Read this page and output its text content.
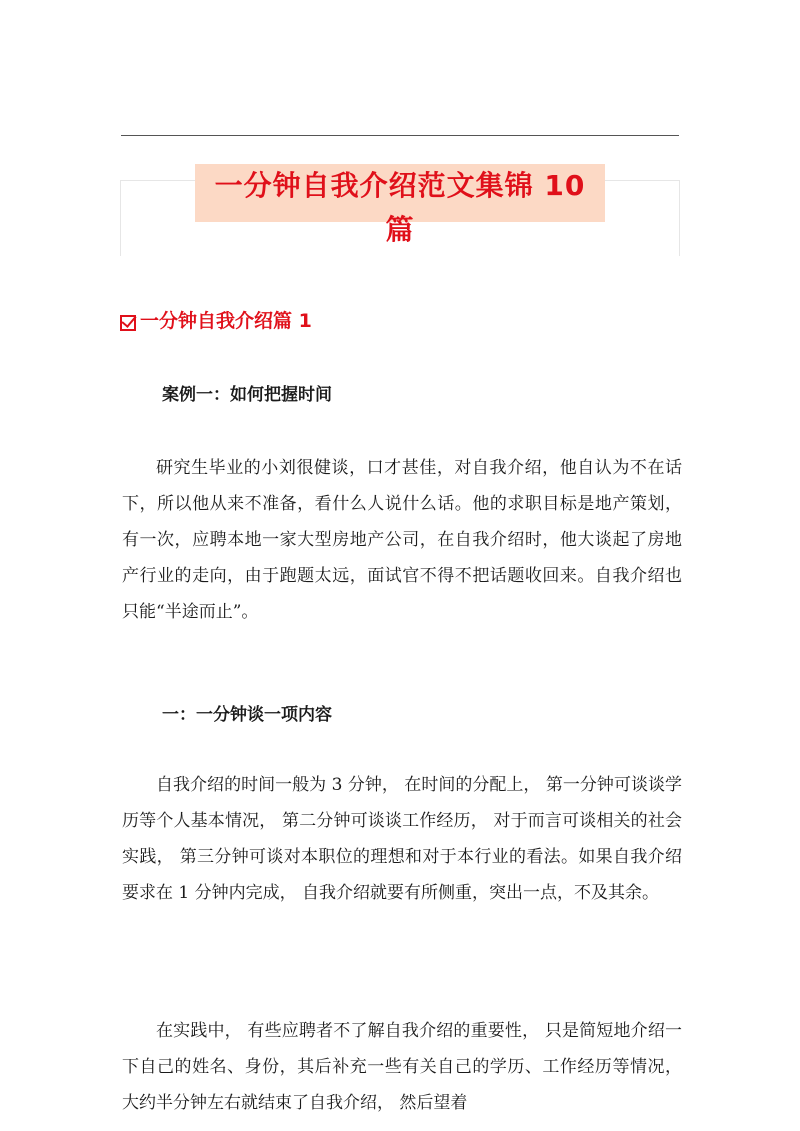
一分钟自我介绍范文集锦 10 篇
一分钟自我介绍篇 1
案例一：如何把握时间

研究生毕业的小刘很健谈，口才甚佳，对自我介绍，他自认为不在话下，所以他从来不准备，看什么人说什么话。他的求职目标是地产策划，有一次，应聘本地一家大型房地产公司，在自我介绍时，他大谈起了房地产行业的走向，由于跑题太远，面试官不得不把话题收回来。自我介绍也只能“半途而止”。

一：一分钟谈一项内容

自我介绍的时间一般为 3 分钟， 在时间的分配上， 第一分钟可谈谈学历等个人基本情况， 第二分钟可谈谈工作经历， 对于而言可谈相关的社会实践， 第三分钟可谈对本职位的理想和对于本行业的看法。如果自我介绍要求在 1 分钟内完成， 自我介绍就要有所侧重，突出一点，不及其余。

在实践中， 有些应聘者不了解自我介绍的重要性， 只是简短地介绍一下自己的姓名、身份，其后补充一些有关自己的学历、工作经历等情况， 大约半分钟左右就结束了自我介绍， 然后望着
